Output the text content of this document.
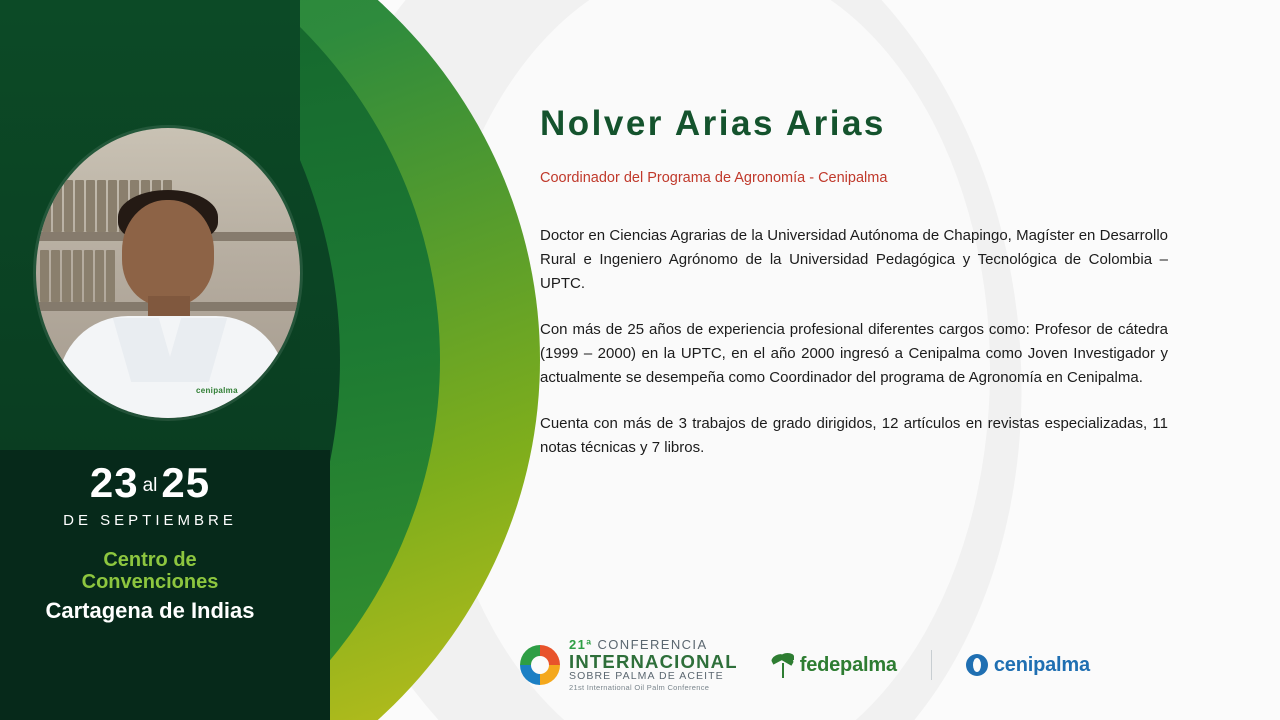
cenipalma
23 al25
DE SEPTIEMBRE
Centro de
Convenciones
Cartagena de Indias
Nolver Arias Arias
Coordinador del Programa de Agronomía - Cenipalma

Doctor en Ciencias Agrarias de la Universidad Autónoma de Chapingo, Magíster en Desarrollo Rural e Ingeniero Agrónomo de la Universidad Pedagógica y Tecnológica de Colombia – UPTC.

Con más de 25 años de experiencia profesional diferentes cargos como: Profesor de cátedra (1999 – 2000) en la UPTC, en el año 2000 ingresó a Cenipalma como Joven Investigador y actualmente se desempeña como Coordinador del programa de Agronomía en Cenipalma.

Cuenta con más de 3 trabajos de grado dirigidos, 12 artículos en revistas especializadas, 11 notas técnicas y 7 libros.

21ª CONFERENCIA
INTERNACIONAL
SOBRE PALMA DE ACEITE
21st International Oil Palm Conference
fedepalma	cenipalma
